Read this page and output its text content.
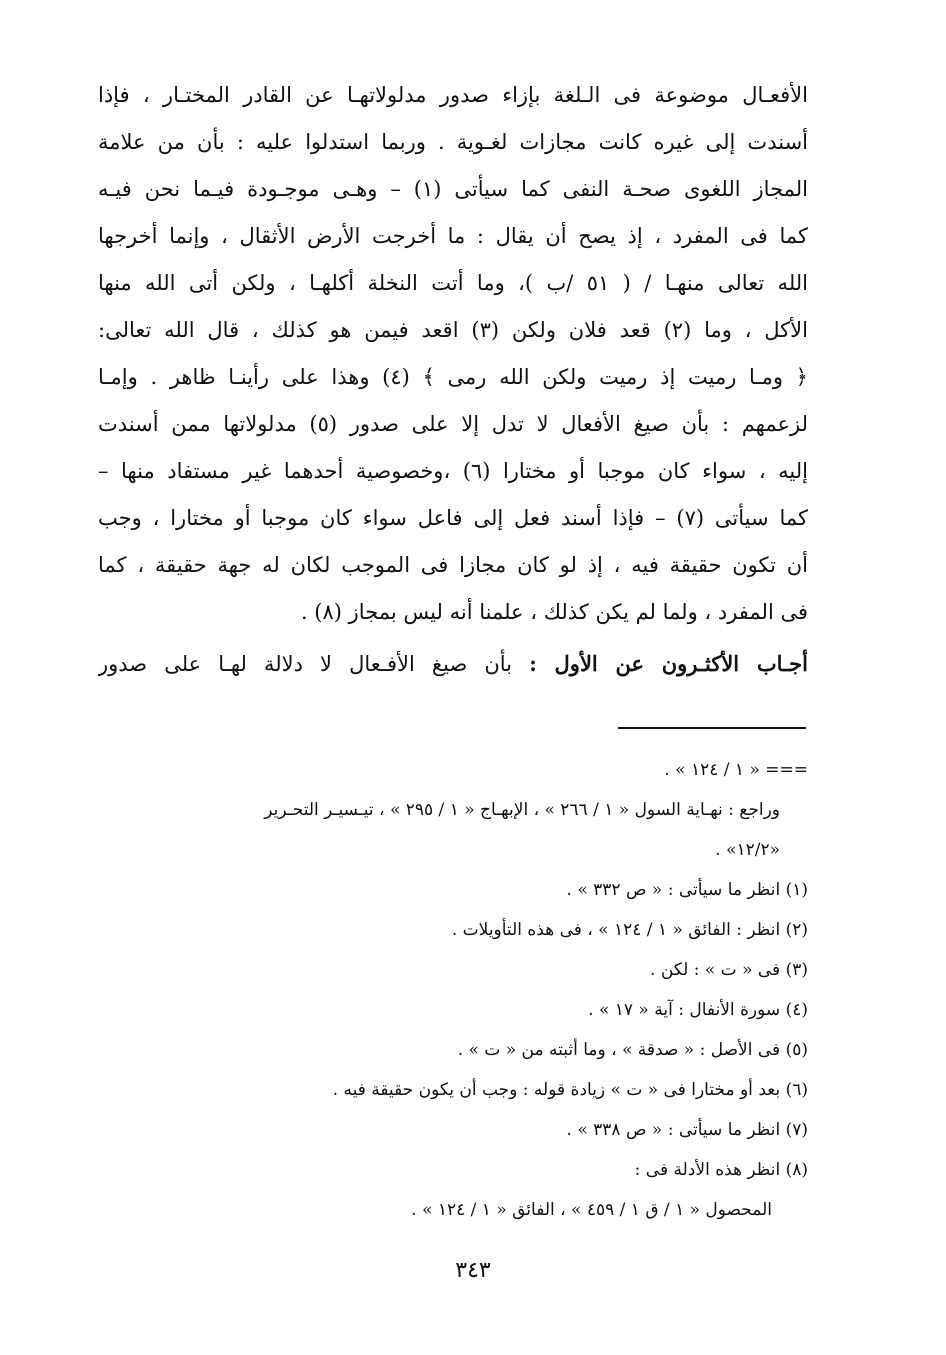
الأفعـال موضوعة فى الـلغة بإزاء صدور مدلولاتهـا عن القادر المختـار ، فإذا
أسندت إلى غيره كانت مجازات لغـوية . وربما استدلوا عليه : بأن من علامة
المجاز اللغوى صحـة النفى كما سيأتى (١) – وهـى موجـودة فيـما نحن فيـه
كما فى المفرد ، إذ يصح أن يقال : ما أخرجت الأرض الأثقال ، وإنما أخرجها
الله تعالى منهـا / ( ٥١ /ب )، وما أتت النخلة أكلهـا ، ولكن أتى الله منها
الأكل ، وما (٢) قعد فلان ولكن (٣) اقعد فيمن هو كذلك ، قال الله تعالى:
﴿ ومـا رميت إذ رميت ولكن الله رمى ﴾ (٤) وهذا على رأينـا ظاهر . وإمـا
لزعمهم : بأن صيغ الأفعال لا تدل إلا على صدور (٥) مدلولاتها ممن أسندت
إليه ، سواء كان موجبا أو مختارا (٦) ،وخصوصية أحدهما غير مستفاد منها –
كما سيأتى (٧) – فإذا أسند فعل إلى فاعل سواء كان موجبا أو مختارا ، وجب
أن تكون حقيقة فيه ، إذ لو كان مجازا فى الموجب لكان له جهة حقيقة ، كما
فى المفرد ، ولما لم يكن كذلك ، علمنا أنه ليس بمجاز (٨) .
أجـاب الأكثـرون عن الأول : بأن صيغ الأفـعال لا دلالة لهـا على صدور
=== « ١ / ١٢٤ » .
وراجع : نهـاية السول « ١ / ٢٦٦ » ، الإبهـاج « ١ / ٢٩٥ » ، تيـسيـر التحـرير
«١٢/٢» .
(١) انظر ما سيأتى : « ص ٣٣٢ » .
(٢) انظر : الفائق « ١ / ١٢٤ » ، فى هذه التأويلات .
(٣) فى « ت » : لكن .
(٤) سورة الأنفال : آية « ١٧ » .
(٥) فى الأصل : « صدقة » ، وما أثبته من « ت » .
(٦) بعد أو مختارا فى « ت » زيادة قوله : وجب أن يكون حقيقة فيه .
(٧) انظر ما سيأتى : « ص ٣٣٨ » .
(٨) انظر هذه الأدلة فى :
المحصول « ١ / ق ١ / ٤٥٩ » ، الفائق « ١ / ١٢٤ » .
٣٤٣
